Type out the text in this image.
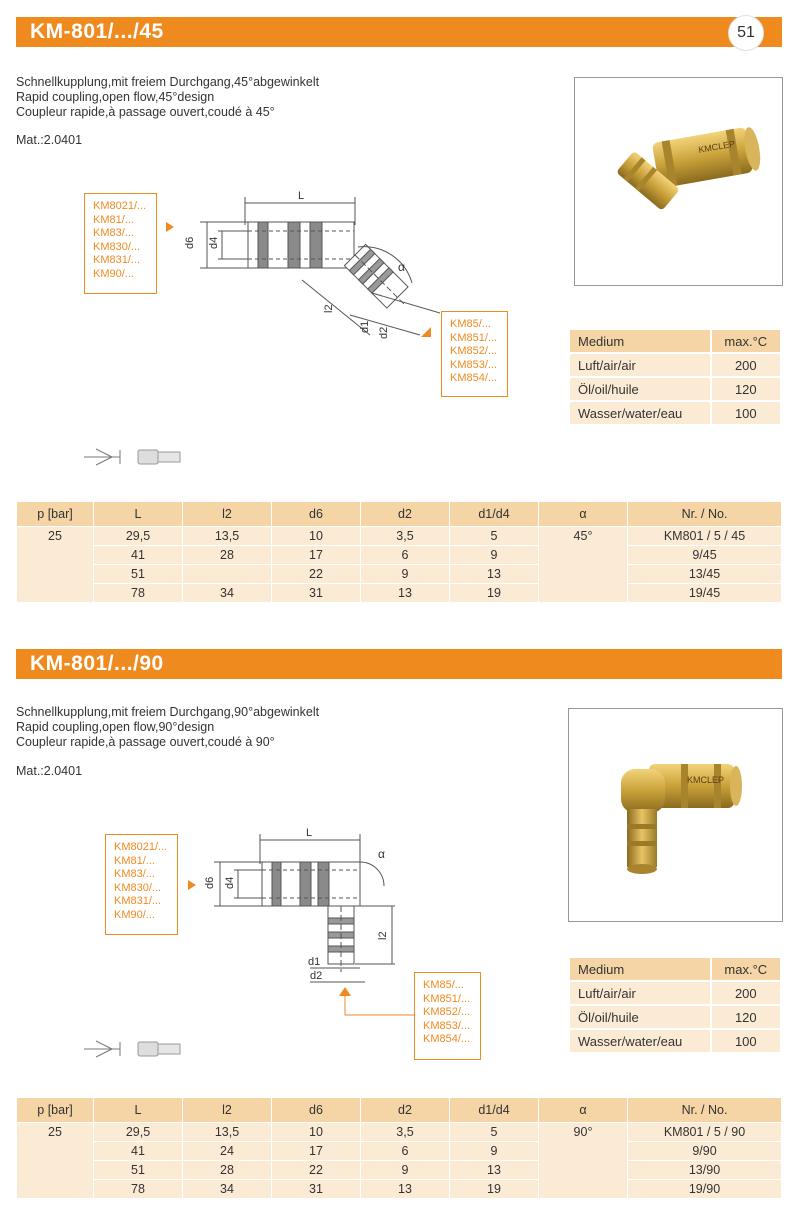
KM-801/.../45	51
Schnellkupplung,mit freiem Durchgang,45°abgewinkelt
Rapid coupling,open flow,45°design
Coupleur rapide,à passage ouvert,coudé à 45°
Mat.:2.0401
KM8021/...
KM81/...
KM83/...
KM830/...
KM831/...
KM90/...
L
d6 d4
l2
d1 d2
α
KM85/...
KM851/...
KM852/...
KM853/...
KM854/...
KMCLEP
Medium	max.°C
Luft/air/air	200
Öl/oil/huile	120
Wasser/water/eau	100
p [bar]	L	l2	d6	d2	d1/d4	α	Nr. / No.
25	29,5	13,5	10	3,5	5	45°	KM801 / 5 / 45
	41	28	17	6	9		9/45
	51		22	9	13		13/45
	78	34	31	13	19		19/45
KM-801/.../90
Schnellkupplung,mit freiem Durchgang,90°abgewinkelt
Rapid coupling,open flow,90°design
Coupleur rapide,à passage ouvert,coudé à 90°
Mat.:2.0401
KM8021/...
KM81/...
KM83/...
KM830/...
KM831/...
KM90/...
L
d6 d4
l2
d1
d2
α
KM85/...
KM851/...
KM852/...
KM853/...
KM854/...
KMCLEP
Medium	max.°C
Luft/air/air	200
Öl/oil/huile	120
Wasser/water/eau	100
p [bar]	L	l2	d6	d2	d1/d4	α	Nr. / No.
25	29,5	13,5	10	3,5	5	90°	KM801 / 5 / 90
	41	24	17	6	9		9/90
	51	28	22	9	13		13/90
	78	34	31	13	19		19/90
